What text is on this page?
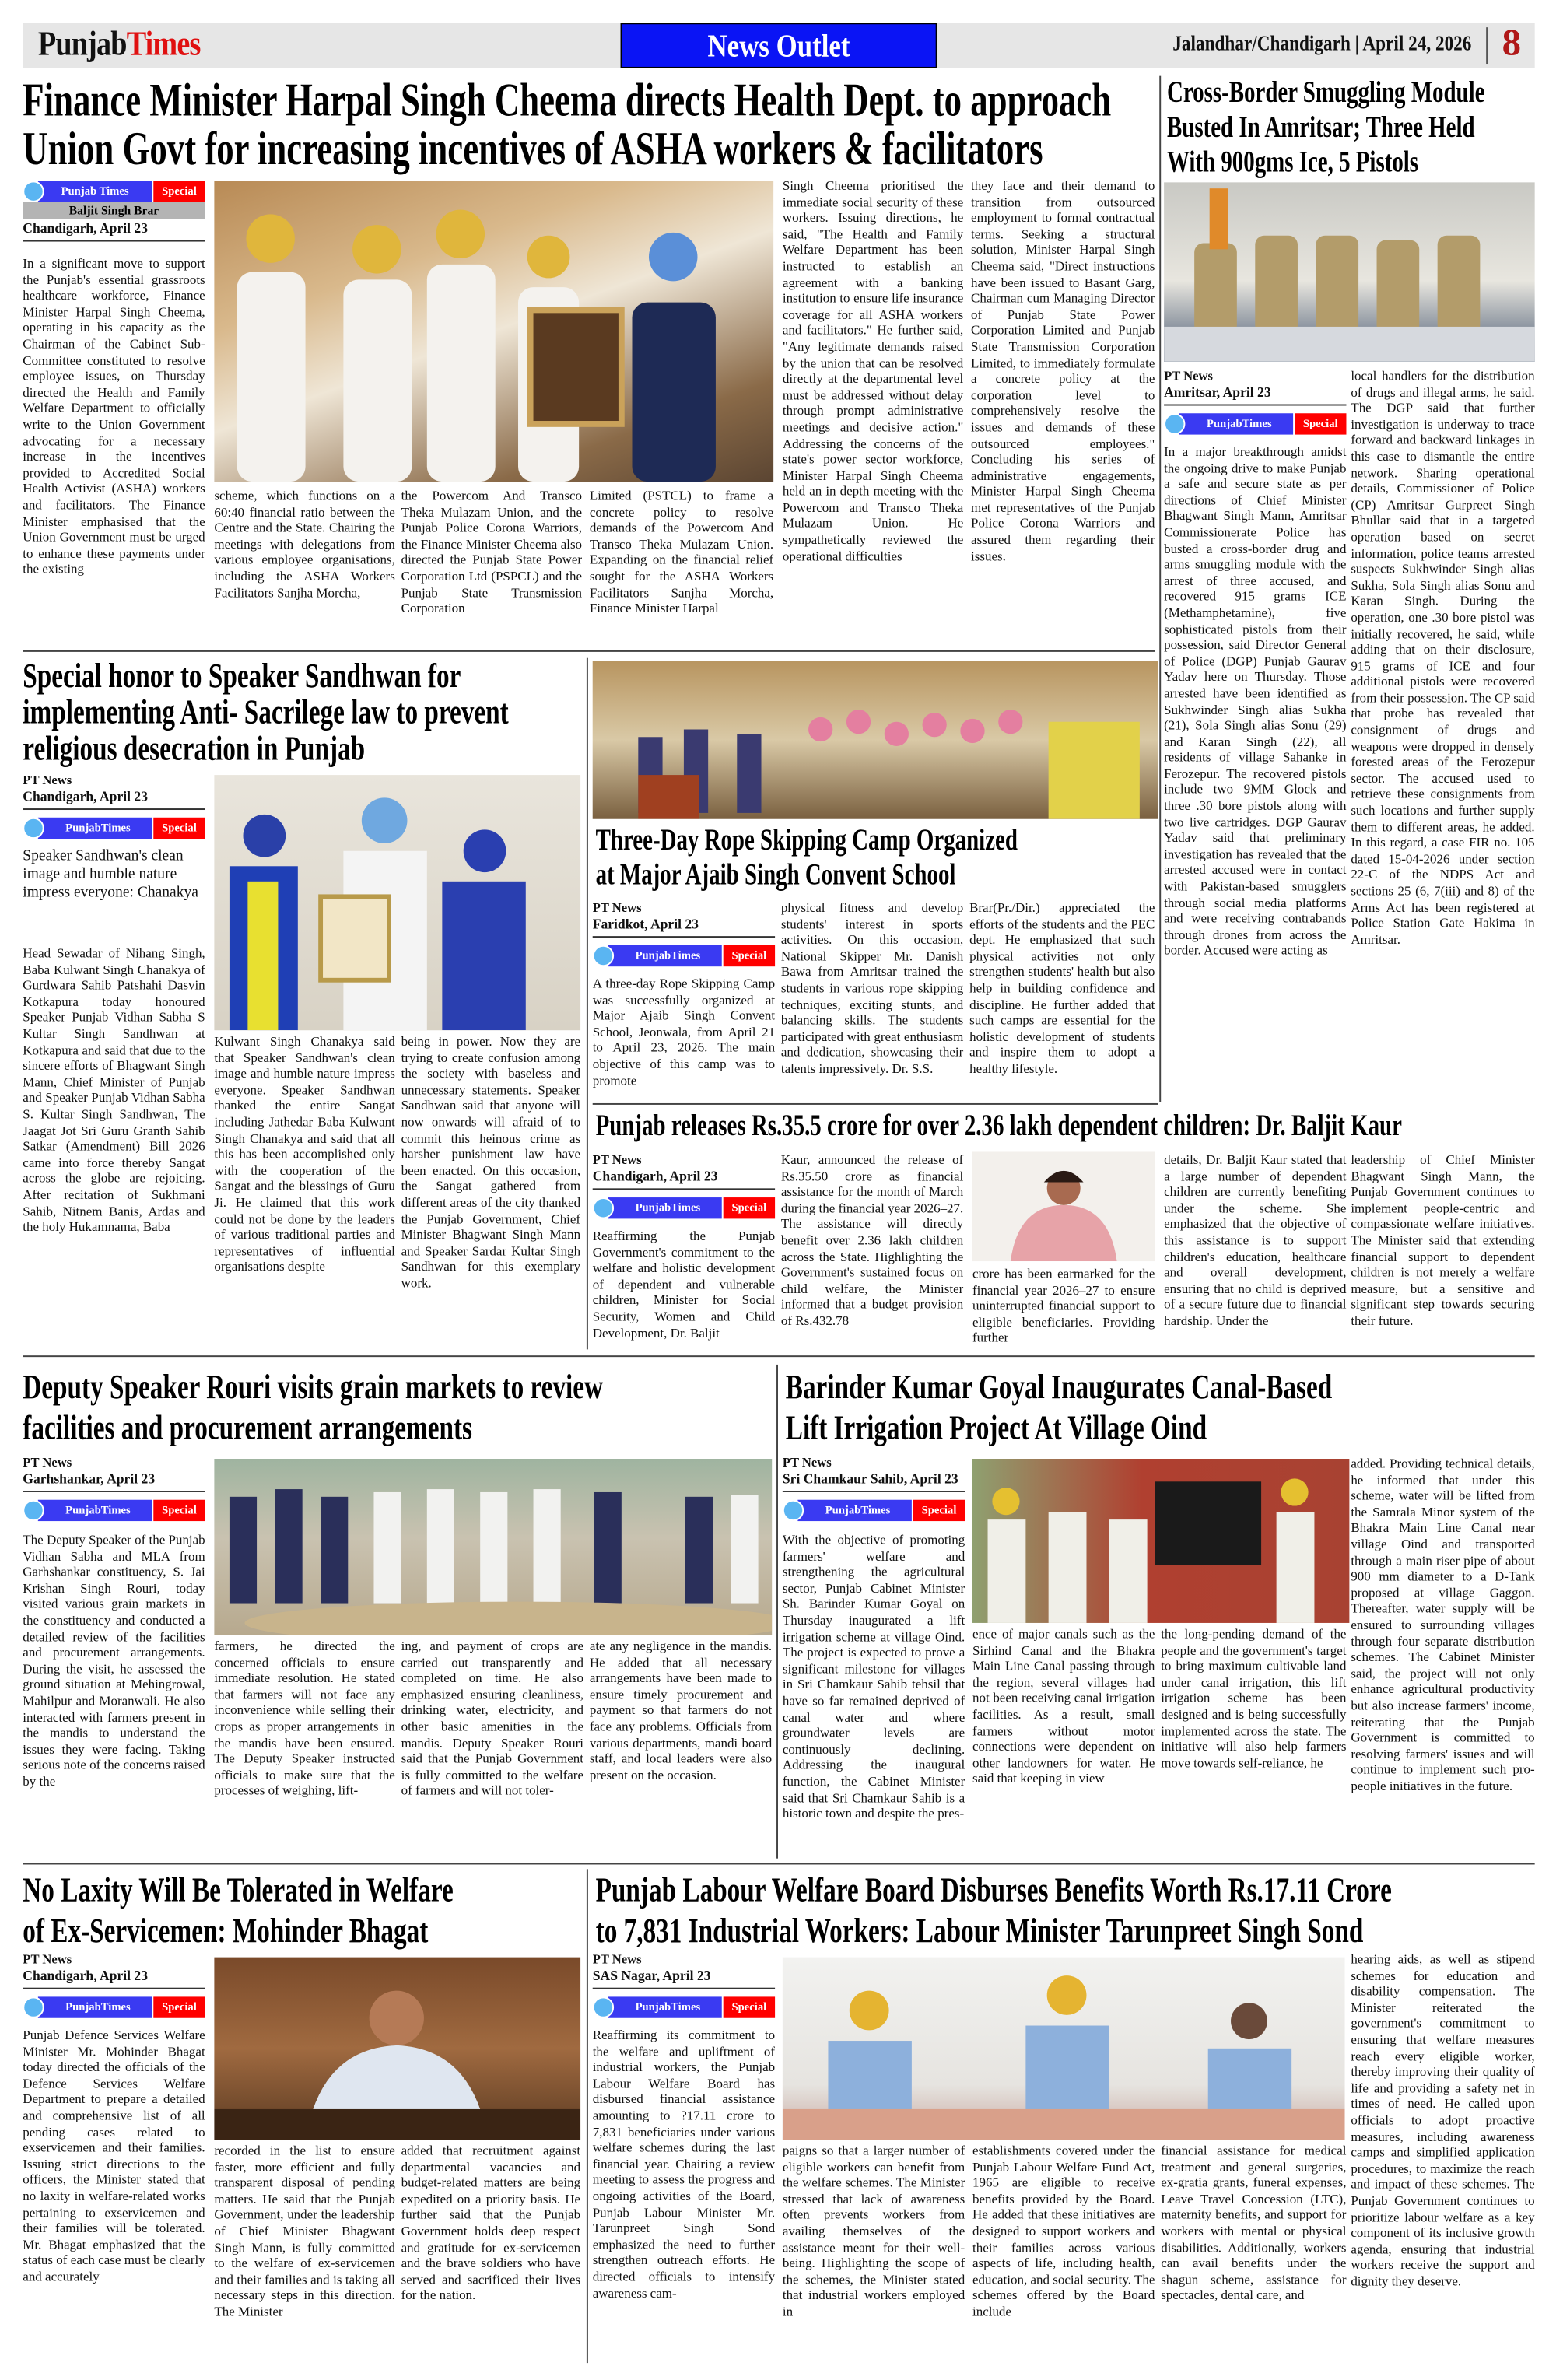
PunjabTimes	News Outlet	Jalandhar/Chandigarh | April 24, 2026 8
Finance Minister Harpal Singh Cheema directs Health Dept. to approach
Union Govt for increasing incentives of ASHA workers & facilitators
Punjab Times	Special
Baljit Singh Brar
Chandigarh, April 23
In a significant move to support the Punjab's essential grassroots healthcare workforce, Finance Minister Harpal Singh Cheema, operating in his capacity as the Chairman of the Cabinet Sub-Committee constituted to resolve employee issues, on Thursday directed the Health and Family Welfare Department to officially write to the Union Government advocating for a necessary increase in the incentives provided to Accredited Social Health Activist (ASHA) workers and facilitators. The Finance Minister emphasised that the Union Government must be urged to enhance these payments under the existing
scheme, which functions on a 60:40 financial ratio between the Centre and the State. Chairing the meetings with delegations from various employee organisations, including the ASHA Workers Facilitators Sanjha Morcha,
the Powercom And Transco Theka Mulazam Union, and the Punjab Police Corona Warriors, the Finance Minister Cheema also directed the Punjab State Power Corporation Ltd (PSPCL) and the Punjab State Transmission Corporation
Limited (PSTCL) to frame a concrete policy to resolve demands of the Powercom And Transco Theka Mulazam Union. Expanding on the financial relief sought for the ASHA Workers Facilitators Sanjha Morcha, Finance Minister Harpal
Singh Cheema prioritised the immediate social security of these workers. Issuing directions, he said, "The Health and Family Welfare Department has been instructed to establish an agreement with a banking institution to ensure life insurance coverage for all ASHA workers and facilitators." He further said, "Any legitimate demands raised by the union that can be resolved directly at the departmental level must be addressed without delay through prompt administrative meetings and decisive action." Addressing the concerns of the state's power sector workforce, Minister Harpal Singh Cheema held an in depth meeting with the Powercom and Transco Theka Mulazam Union. He sympathetically reviewed the operational difficulties
they face and their demand to transition from outsourced employment to formal contractual terms. Seeking a structural solution, Minister Harpal Singh Cheema said, "Direct instructions have been issued to Basant Garg, Chairman cum Managing Director of Punjab State Power Corporation Limited and Punjab State Transmission Corporation Limited, to immediately formulate a concrete policy at the corporation level to comprehensively resolve the issues and demands of these outsourced employees." Concluding his series of administrative engagements, Minister Harpal Singh Cheema met representatives of the Punjab Police Corona Warriors and assured them regarding their issues.
Cross-Border Smuggling Module
Busted In Amritsar; Three Held
With 900gms Ice, 5 Pistols
PT News
Amritsar, April 23
PunjabTimes	Special
In a major breakthrough amidst the ongoing drive to make Punjab a safe and secure state as per directions of Chief Minister Bhagwant Singh Mann, Amritsar Commissionerate Police has busted a cross-border drug and arms smuggling module with the arrest of three accused, and recovered 915 grams ICE (Methamphetamine), five sophisticated pistols from their possession, said Director General of Police (DGP) Punjab Gaurav Yadav here on Thursday. Those arrested have been identified as Sukhwinder Singh alias Sukha (21), Sola Singh alias Sonu (29) and Karan Singh (22), all residents of village Sahanke in Ferozepur. The recovered pistols include two 9MM Glock and three .30 bore pistols along with two live cartridges. DGP Gaurav Yadav said that preliminary investigation has revealed that the arrested accused were in contact with Pakistan-based smugglers through social media platforms and were receiving contrabands through drones from across the border. Accused were acting as
local handlers for the distribution of drugs and illegal arms, he said. The DGP said that further investigation is underway to trace forward and backward linkages in this case to dismantle the entire network. Sharing operational details, Commissioner of Police (CP) Amritsar Gurpreet Singh Bhullar said that in a targeted operation based on secret information, police teams arrested suspects Sukhwinder Singh alias Sukha, Sola Singh alias Sonu and Karan Singh. During the operation, one .30 bore pistol was initially recovered, he said, while adding that on their disclosure, 915 grams of ICE and four additional pistols were recovered from their possession. The CP said that probe has revealed that consignment of drugs and weapons were dropped in densely forested areas of the Ferozepur sector. The accused used to retrieve these consignments from such locations and further supply them to different areas, he added. In this regard, a case FIR no. 105 dated 15-04-2026 under section 22-C of the NDPS Act and sections 25 (6, 7(iii) and 8) of the Arms Act has been registered at Police Station Gate Hakima in Amritsar.
Special honor to Speaker Sandhwan for
implementing Anti- Sacrilege law to prevent
religious desecration in Punjab
PT News
Chandigarh, April 23
PunjabTimes	Special
Speaker Sandhwan's clean image and humble nature impress everyone: Chanakya
Head Sewadar of Nihang Singh, Baba Kulwant Singh Chanakya of Gurdwara Sahib Patshahi Dasvin Kotkapura today honoured Speaker Punjab Vidhan Sabha S Kultar Singh Sandhwan at Kotkapura and said that due to the sincere efforts of Bhagwant Singh Mann, Chief Minister of Punjab and Speaker Punjab Vidhan Sabha S. Kultar Singh Sandhwan, The Jaagat Jot Sri Guru Granth Sahib Satkar (Amendment) Bill 2026 came into force thereby Sangat across the globe are rejoicing. After recitation of Sukhmani Sahib, Nitnem Banis, Ardas and the holy Hukamnama, Baba
Kulwant Singh Chanakya said that Speaker Sandhwan's clean image and humble nature impress everyone. Speaker Sandhwan thanked the entire Sangat including Jathedar Baba Kulwant Singh Chanakya and said that all this has been accomplished only with the cooperation of the Sangat and the blessings of Guru Ji. He claimed that this work could not be done by the leaders of various traditional parties and representatives of influential organisations despite
being in power. Now they are trying to create confusion among the society with baseless and unnecessary statements. Speaker Sandhwan said that anyone will now onwards will afraid of to commit this heinous crime as harsher punishment law have been enacted. On this occasion, the Sangat gathered from different areas of the city thanked the Punjab Government, Chief Minister Bhagwant Singh Mann and Speaker Sardar Kultar Singh Sandhwan for this exemplary work.
Three-Day Rope Skipping Camp Organized
at Major Ajaib Singh Convent School
PT News
Faridkot, April 23
PunjabTimes	Special
A three-day Rope Skipping Camp was successfully organized at Major Ajaib Singh Convent School, Jeonwala, from April 21 to April 23, 2026. The main objective of this camp was to promote
physical fitness and develop students' interest in sports activities. On this occasion, National Skipper Mr. Danish Bawa from Amritsar trained the students in various rope skipping techniques, exciting stunts, and balancing skills. The students participated with great enthusiasm and dedication, showcasing their talents impressively. Dr. S.S.
Brar(Pr./Dir.) appreciated the efforts of the students and the PEC dept. He emphasized that such physical activities not only strengthen students' health but also help in building confidence and discipline. He further added that such camps are essential for the holistic development of students and inspire them to adopt a healthy lifestyle.
Punjab releases Rs.35.5 crore for over 2.36 lakh dependent children: Dr. Baljit Kaur
PT News
Chandigarh, April 23
PunjabTimes	Special
Reaffirming the Punjab Government's commitment to the welfare and holistic development of dependent and vulnerable children, Minister for Social Security, Women and Child Development, Dr. Baljit
Kaur, announced the release of Rs.35.50 crore as financial assistance for the month of March during the financial year 2026–27. The assistance will directly benefit over 2.36 lakh children across the State. Highlighting the Government's sustained focus on child welfare, the Minister informed that a budget provision of Rs.432.78
crore has been earmarked for the financial year 2026–27 to ensure uninterrupted financial support to eligible beneficiaries. Providing further
details, Dr. Baljit Kaur stated that a large number of dependent children are currently benefiting under the scheme. She emphasized that the objective of this assistance is to support children's education, healthcare and overall development, ensuring that no child is deprived of a secure future due to financial hardship. Under the
leadership of Chief Minister Bhagwant Singh Mann, the Punjab Government continues to implement people-centric and compassionate welfare initiatives. The Minister said that extending financial support to dependent children is not merely a welfare measure, but a sensitive and significant step towards securing their future.
Deputy Speaker Rouri visits grain markets to review
facilities and procurement arrangements
PT News
Garhshankar, April 23
PunjabTimes	Special
The Deputy Speaker of the Punjab Vidhan Sabha and MLA from Garhshankar constituency, S. Jai Krishan Singh Rouri, today visited various grain markets in the constituency and conducted a detailed review of the facilities and procurement arrangements. During the visit, he assessed the ground situation at Mehingrowal, Mahilpur and Moranwali. He also interacted with farmers present in the mandis to understand the issues they were facing. Taking serious note of the concerns raised by the
farmers, he directed the concerned officials to ensure immediate resolution. He stated that farmers will not face any inconvenience while selling their crops as proper arrangements in the mandis have been ensured. The Deputy Speaker instructed officials to make sure that the processes of weighing, lift-
ing, and payment of crops are carried out transparently and completed on time. He also emphasized ensuring cleanliness, drinking water, electricity, and other basic amenities in the mandis. Deputy Speaker Rouri said that the Punjab Government is fully committed to the welfare of farmers and will not toler-
ate any negligence in the mandis. He added that all necessary arrangements have been made to ensure timely procurement and payment so that farmers do not face any problems. Officials from various departments, mandi board staff, and local leaders were also present on the occasion.
Barinder Kumar Goyal Inaugurates Canal-Based
Lift Irrigation Project At Village Oind
PT News
Sri Chamkaur Sahib, April 23
PunjabTimes	Special
With the objective of promoting farmers' welfare and strengthening the agricultural sector, Punjab Cabinet Minister Sh. Barinder Kumar Goyal on Thursday inaugurated a lift irrigation scheme at village Oind. The project is expected to prove a significant milestone for villages in Sri Chamkaur Sahib tehsil that have so far remained deprived of canal water and where groundwater levels are continuously declining. Addressing the inaugural function, the Cabinet Minister said that Sri Chamkaur Sahib is a historic town and despite the pres-
ence of major canals such as the Sirhind Canal and the Bhakra Main Line Canal passing through the region, several villages had not been receiving canal irrigation facilities. As a result, small farmers without motor connections were dependent on other landowners for water. He said that keeping in view
the long-pending demand of the people and the government's target to bring maximum cultivable land under canal irrigation, this lift irrigation scheme has been designed and is being successfully implemented across the state. The initiative will also help farmers move towards self-reliance, he
added. Providing technical details, he informed that under this scheme, water will be lifted from the Samrala Minor system of the Bhakra Main Line Canal near village Oind and transported through a main riser pipe of about 900 mm diameter to a D-Tank proposed at village Gaggon. Thereafter, water supply will be ensured to surrounding villages through four separate distribution schemes. The Cabinet Minister said, the project will not only enhance agricultural productivity but also increase farmers' income, reiterating that the Punjab Government is committed to resolving farmers' issues and will continue to implement such pro-people initiatives in the future.
No Laxity Will Be Tolerated in Welfare
of Ex-Servicemen: Mohinder Bhagat
PT News
Chandigarh, April 23
PunjabTimes	Special
Punjab Defence Services Welfare Minister Mr. Mohinder Bhagat today directed the officials of the Defence Services Welfare Department to prepare a detailed and comprehensive list of all pending cases related to exservicemen and their families. Issuing strict directions to the officers, the Minister stated that no laxity in welfare-related works pertaining to exservicemen and their families will be tolerated. Mr. Bhagat emphasized that the status of each case must be clearly and accurately
recorded in the list to ensure faster, more efficient and fully transparent disposal of pending matters. He said that the Punjab Government, under the leadership of Chief Minister Bhagwant Singh Mann, is fully committed to the welfare of ex-servicemen and their families and is taking all necessary steps in this direction. The Minister
added that recruitment against departmental vacancies and budget-related matters are being expedited on a priority basis. He further said that the Punjab Government holds deep respect and gratitude for ex-servicemen and the brave soldiers who have served and sacrificed their lives for the nation.
Punjab Labour Welfare Board Disburses Benefits Worth Rs.17.11 Crore
to 7,831 Industrial Workers: Labour Minister Tarunpreet Singh Sond
PT News
SAS Nagar, April 23
PunjabTimes	Special
Reaffirming its commitment to the welfare and upliftment of industrial workers, the Punjab Labour Welfare Board has disbursed financial assistance amounting to ?17.11 crore to 7,831 beneficiaries under various welfare schemes during the last financial year. Chairing a review meeting to assess the progress and ongoing activities of the Board, Punjab Labour Minister Mr. Tarunpreet Singh Sond emphasized the need to further strengthen outreach efforts. He directed officials to intensify awareness cam-
paigns so that a larger number of eligible workers can benefit from the welfare schemes. The Minister stressed that lack of awareness often prevents workers from availing themselves of the assistance meant for their well-being. Highlighting the scope of the schemes, the Minister stated that industrial workers employed in
establishments covered under the Punjab Labour Welfare Fund Act, 1965 are eligible to receive benefits provided by the Board. He added that these initiatives are designed to support workers and their families across various aspects of life, including health, education, and social security. The schemes offered by the Board include
financial assistance for medical treatment and general surgeries, ex-gratia grants, funeral expenses, Leave Travel Concession (LTC), maternity benefits, and support for workers with mental or physical disabilities. Additionally, workers can avail benefits under the shagun scheme, assistance for spectacles, dental care, and
hearing aids, as well as stipend schemes for education and disability compensation. The Minister reiterated the government's commitment to ensuring that welfare measures reach every eligible worker, thereby improving their quality of life and providing a safety net in times of need. He called upon officials to adopt proactive measures, including awareness camps and simplified application procedures, to maximize the reach and impact of these schemes. The Punjab Government continues to prioritize labour welfare as a key component of its inclusive growth agenda, ensuring that industrial workers receive the support and dignity they deserve.
